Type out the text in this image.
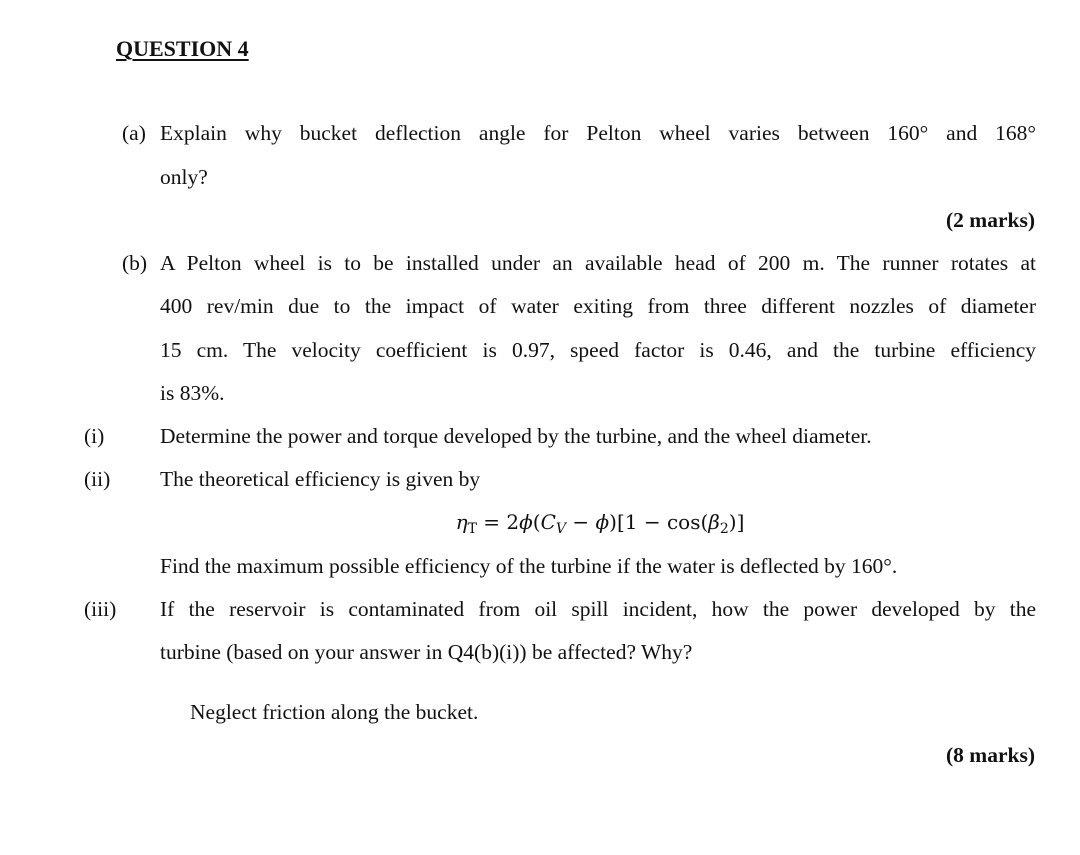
QUESTION 4
(a) Explain why bucket deflection angle for Pelton wheel varies between 160° and 168°
only?
(2 marks)
(b) A Pelton wheel is to be installed under an available head of 200 m. The runner rotates at
400 rev/min due to the impact of water exiting from three different nozzles of diameter
15 cm. The velocity coefficient is 0.97, speed factor is 0.46, and the turbine efficiency
is 83%.
(i)	Determine the power and torque developed by the turbine, and the wheel diameter.
(ii) The theoretical efficiency is given by
$\eta_T = 2\phi(C_V - \phi)[1 - \cos(\beta_2)]$
Find the maximum possible efficiency of the turbine if the water is deflected by 160°.
(iii) If the reservoir is contaminated from oil spill incident, how the power developed by the
turbine (based on your answer in Q4(b)(i)) be affected? Why?
Neglect friction along the bucket.
(8 marks)
